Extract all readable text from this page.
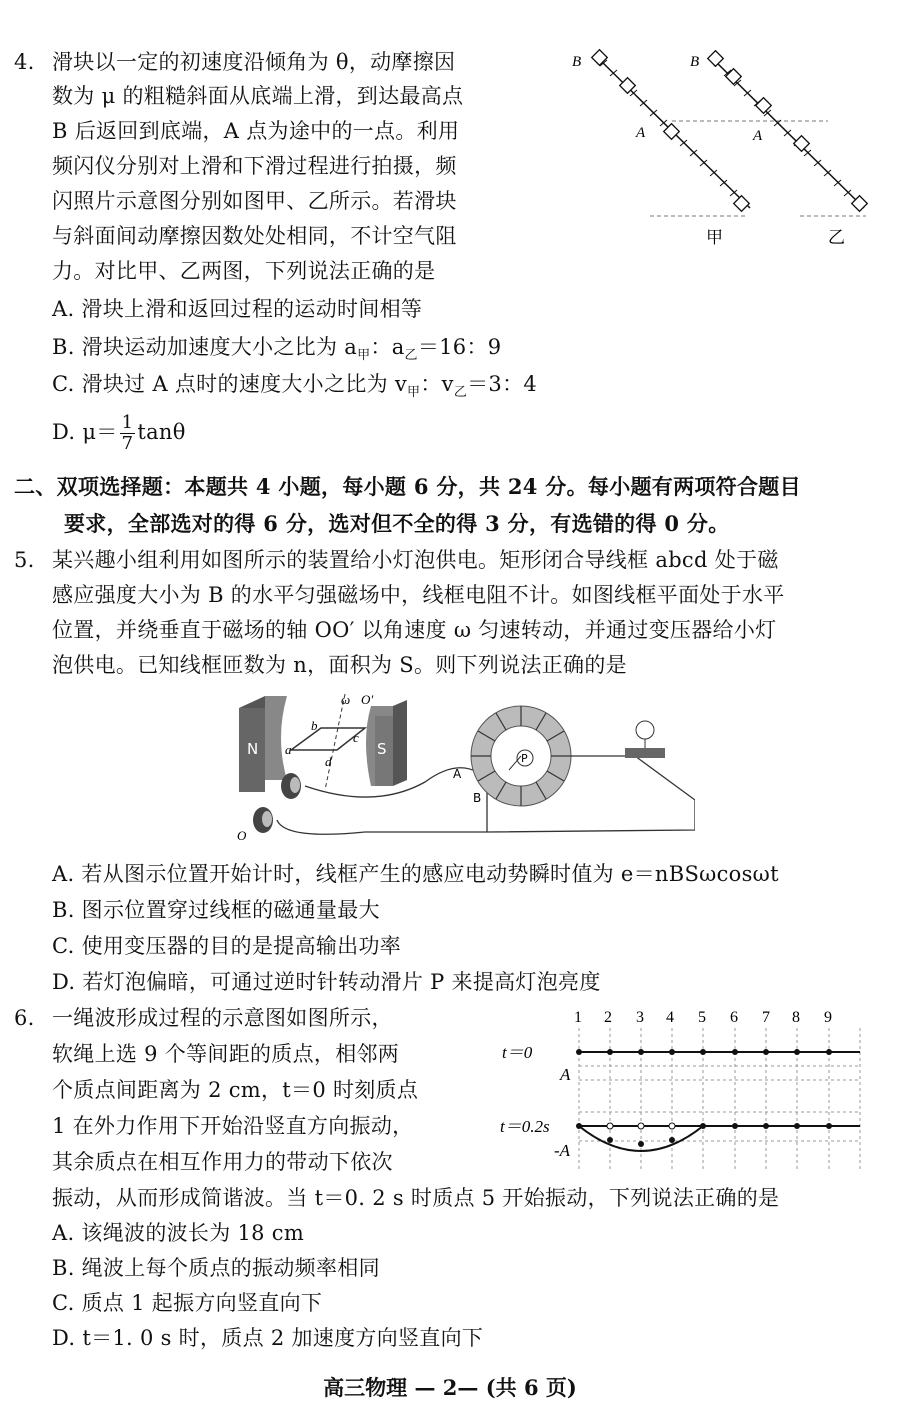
4. 滑块以一定的初速度沿倾角为 θ，动摩擦因
数为 μ 的粗糙斜面从底端上滑，到达最高点
B 后返回到底端，A 点为途中的一点。利用
频闪仪分别对上滑和下滑过程进行拍摄，频
闪照片示意图分别如图甲、乙所示。若滑块
与斜面间动摩擦因数处处相同，不计空气阻
力。对比甲、乙两图，下列说法正确的是
A. 滑块上滑和返回过程的运动时间相等
B. 滑块运动加速度大小之比为 $a_甲$：$a_乙=16$：9
C. 滑块过 A 点时的速度大小之比为 $v_甲$：$v_乙=3$：4
D. $\mu= \frac{1}{7}$ tanθ
B
A
B
A
甲	乙
二、双项选择题：本题共 4 小题，每小题 6 分，共 24 分。每小题有两项符合题目
要求，全部选对的得 6 分，选对但不全的得 3 分，有选错的得 0 分。
5. 某兴趣小组利用如图所示的装置给小灯泡供电。矩形闭合导线框 abcd 处于磁
感应强度大小为 B 的水平匀强磁场中，线框电阻不计。如图线框平面处于水平
位置，并绕垂直于磁场的轴 OO′ 以角速度 ω 匀速转动，并通过变压器给小灯
泡供电。已知线框匝数为 n，面积为 S。则下列说法正确的是
N	S
b
a
c
d
ω O′
O
A
B
P
A. 若从图示位置开始计时，线框产生的感应电动势瞬时值为 e＝nBSωcosωt
B. 图示位置穿过线框的磁通量最大
C. 使用变压器的目的是提高输出功率
D. 若灯泡偏暗，可通过逆时针转动滑片 P 来提高灯泡亮度
6. 一绳波形成过程的示意图如图所示，
软绳上选 9 个等间距的质点，相邻两
个质点间距离为 2 cm，t＝0 时刻质点
1 在外力作用下开始沿竖直方向振动，
其余质点在相互作用力的带动下依次
振动，从而形成简谐波。当 t＝0. 2 s 时质点 5 开始振动，下列说法正确的是
1 2 3 4 5 6 7 8 9
t＝0
A
t＝0.2s
-A
A. 该绳波的波长为 18 cm
B. 绳波上每个质点的振动频率相同
C. 质点 1 起振方向竖直向下
D. t＝1. 0 s 时，质点 2 加速度方向竖直向下
高三物理 — 2— (共 6 页)
